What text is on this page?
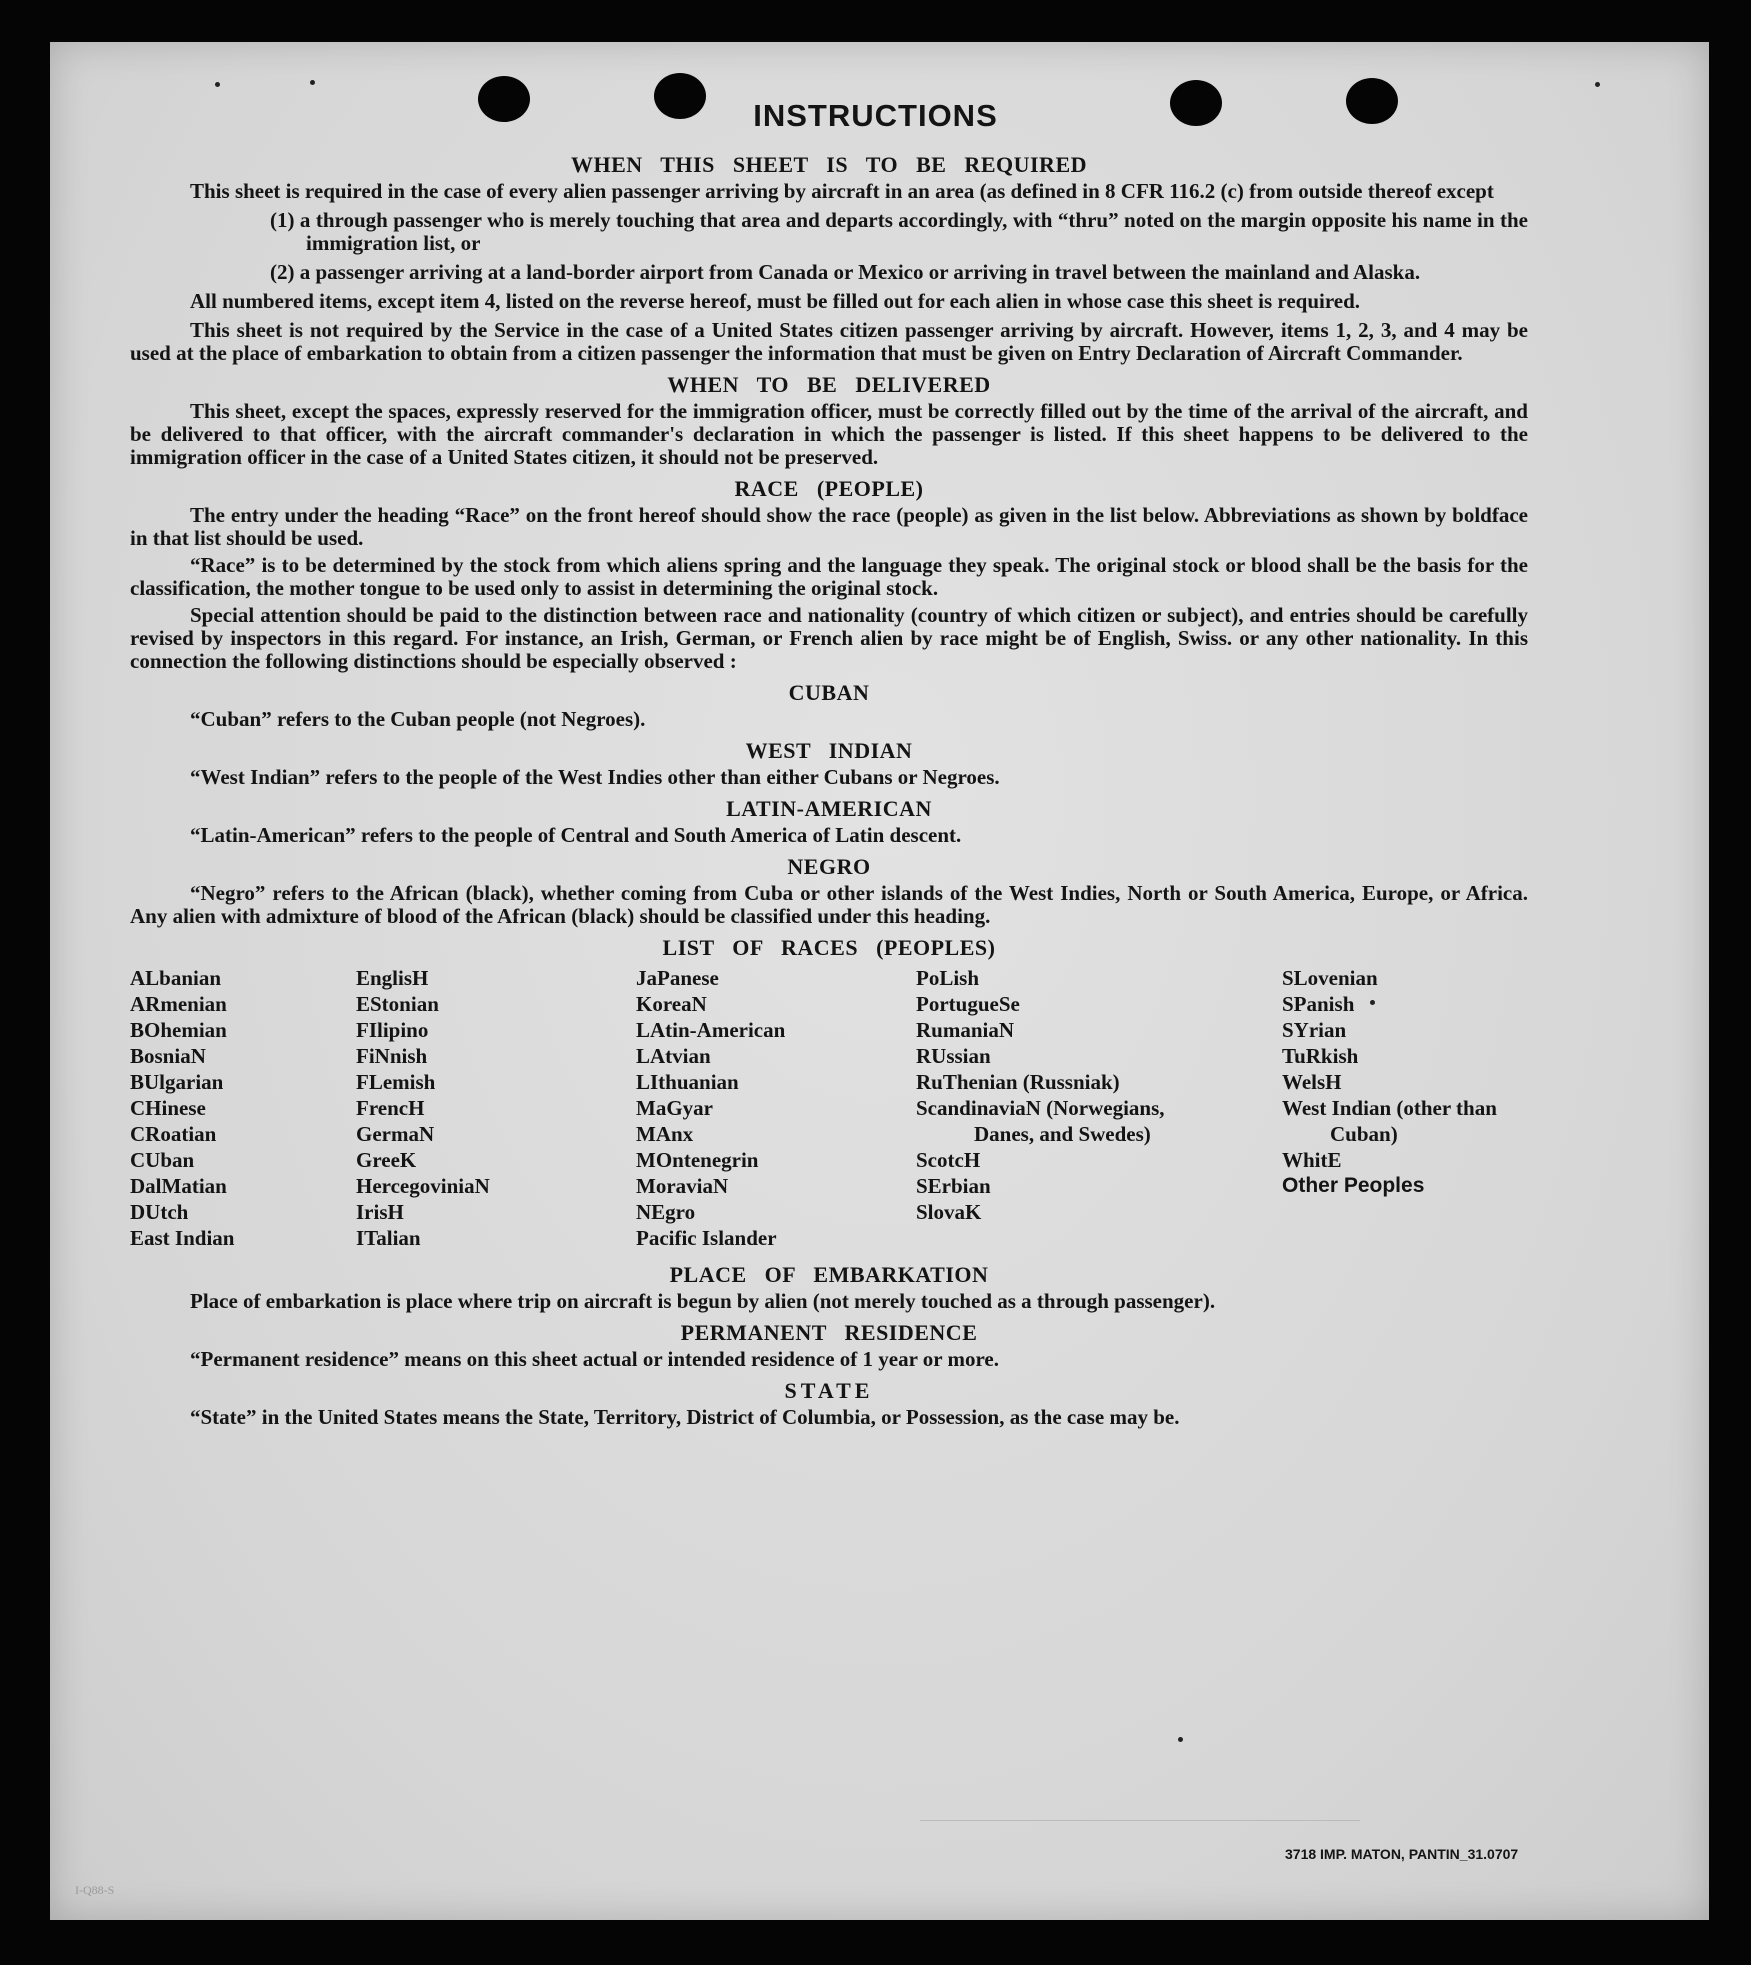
INSTRUCTIONS
WHEN THIS SHEET IS TO BE REQUIRED

This sheet is required in the case of every alien passenger arriving by aircraft in an area (as defined in 8 CFR 116.2 (c) from outside thereof except

(1) a through passenger who is merely touching that area and departs accordingly, with “thru” noted on the margin opposite his name in the immigration list, or

(2) a passenger arriving at a land-border airport from Canada or Mexico or arriving in travel between the mainland and Alaska.

All numbered items, except item 4, listed on the reverse hereof, must be filled out for each alien in whose case this sheet is required.

This sheet is not required by the Service in the case of a United States citizen passenger arriving by aircraft. However, items 1, 2, 3, and 4 may be used at the place of embarkation to obtain from a citizen passenger the information that must be given on Entry Declaration of Aircraft Commander.

WHEN TO BE DELIVERED

This sheet, except the spaces, expressly reserved for the immigration officer, must be correctly filled out by the time of the arrival of the aircraft, and be delivered to that officer, with the aircraft commander's declaration in which the passenger is listed. If this sheet happens to be delivered to the immigration officer in the case of a United States citizen, it should not be preserved.

RACE (PEOPLE)

The entry under the heading “Race” on the front hereof should show the race (people) as given in the list below. Abbreviations as shown by boldface in that list should be used.

“Race” is to be determined by the stock from which aliens spring and the language they speak. The original stock or blood shall be the basis for the classification, the mother tongue to be used only to assist in determining the original stock.

Special attention should be paid to the distinction between race and nationality (country of which citizen or subject), and entries should be carefully revised by inspectors in this regard. For instance, an Irish, German, or French alien by race might be of English, Swiss. or any other nationality. In this connection the following distinctions should be especially observed :

CUBAN

“Cuban” refers to the Cuban people (not Negroes).

WEST INDIAN

“West Indian” refers to the people of the West Indies other than either Cubans or Negroes.

LATIN-AMERICAN

“Latin-American” refers to the people of Central and South America of Latin descent.

NEGRO

“Negro” refers to the African (black), whether coming from Cuba or other islands of the West Indies, North or South America, Europe, or Africa. Any alien with admixture of blood of the African (black) should be classified under this heading.

LIST OF RACES (PEOPLES)
ALbanian
ARmenian
BOhemian
BosniaN
BUlgarian
CHinese
CRoatian
CUban
DalMatian
DUtch
East Indian
EnglisH
EStonian
FIlipino
FiNnish
FLemish
FrencH
GermaN
GreeK
HercegoviniaN
IrisH
ITalian
JaPanese
KoreaN
LAtin-American
LAtvian
LIthuanian
MaGyar
MAnx
MOntenegrin
MoraviaN
NEgro
Pacific Islander
PoLish
PortugueSe
RumaniaN
RUssian
RuThenian (Russniak)
ScandinaviaN (Norwegians, Danes, and Swedes)
ScotcH
SErbian
SlovaK
SLovenian
SPanish
SYrian
TuRkish
WelsH
West Indian (other than Cuban)
WhitE
Other Peoples
PLACE OF EMBARKATION

Place of embarkation is place where trip on aircraft is begun by alien (not merely touched as a through passenger).

PERMANENT RESIDENCE

“Permanent residence” means on this sheet actual or intended residence of 1 year or more.

STATE

“State” in the United States means the State, Territory, District of Columbia, or Possession, as the case may be.

3718 IMP. MATON, PANTIN_31.0707
I-Q88-S
